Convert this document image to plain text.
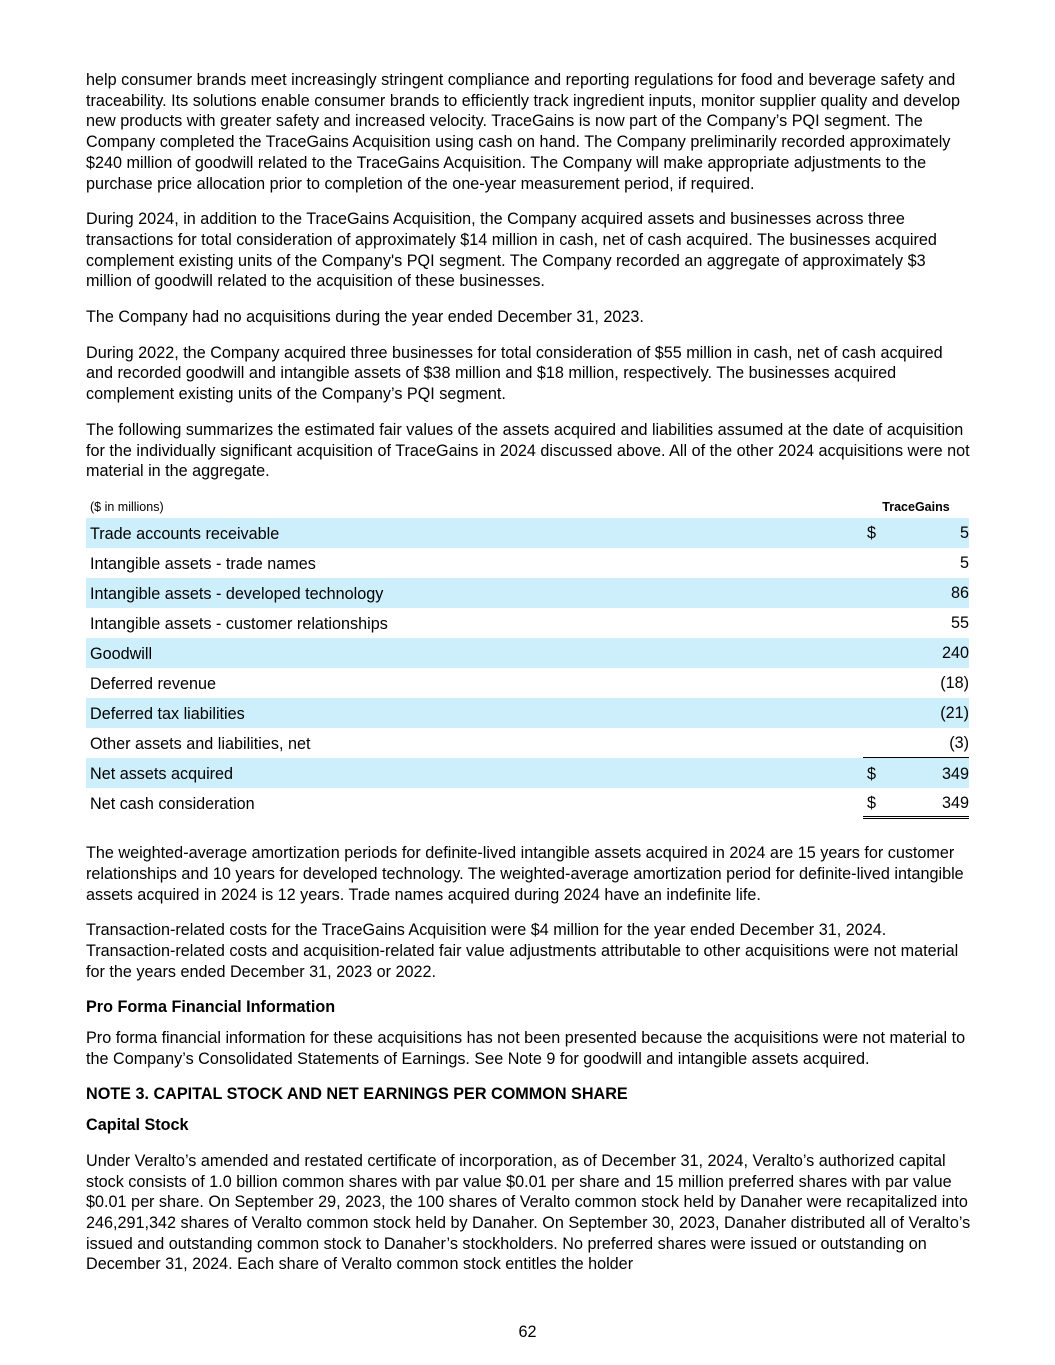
help consumer brands meet increasingly stringent compliance and reporting regulations for food and beverage safety and traceability. Its solutions enable consumer brands to efficiently track ingredient inputs, monitor supplier quality and develop new products with greater safety and increased velocity. TraceGains is now part of the Company’s PQI segment. The Company completed the TraceGains Acquisition using cash on hand. The Company preliminarily recorded approximately $240 million of goodwill related to the TraceGains Acquisition. The Company will make appropriate adjustments to the purchase price allocation prior to completion of the one-year measurement period, if required.

During 2024, in addition to the TraceGains Acquisition, the Company acquired assets and businesses across three transactions for total consideration of approximately $14 million in cash, net of cash acquired. The businesses acquired complement existing units of the Company's PQI segment. The Company recorded an aggregate of approximately $3 million of goodwill related to the acquisition of these businesses.

The Company had no acquisitions during the year ended December 31, 2023.

During 2022, the Company acquired three businesses for total consideration of $55 million in cash, net of cash acquired and recorded goodwill and intangible assets of $38 million and $18 million, respectively. The businesses acquired complement existing units of the Company’s PQI segment.

The following summarizes the estimated fair values of the assets acquired and liabilities assumed at the date of acquisition for the individually significant acquisition of TraceGains in 2024 discussed above. All of the other 2024 acquisitions were not material in the aggregate.

($ in millions)	TraceGains	
Trade accounts receivable	$	5
Intangible assets - trade names		5
Intangible assets - developed technology		86
Intangible assets - customer relationships		55
Goodwill		240
Deferred revenue		(18)
Deferred tax liabilities		(21)
Other assets and liabilities, net		(3)
Net assets acquired	$	349
Net cash consideration	$	349

The weighted-average amortization periods for definite-lived intangible assets acquired in 2024 are 15 years for customer relationships and 10 years for developed technology. The weighted-average amortization period for definite-lived intangible assets acquired in 2024 is 12 years. Trade names acquired during 2024 have an indefinite life.

Transaction-related costs for the TraceGains Acquisition were $4 million for the year ended December 31, 2024. Transaction-related costs and acquisition-related fair value adjustments attributable to other acquisitions were not material for the years ended December 31, 2023 or 2022.

Pro Forma Financial Information

Pro forma financial information for these acquisitions has not been presented because the acquisitions were not material to the Company’s Consolidated Statements of Earnings. See Note 9 for goodwill and intangible assets acquired.

NOTE 3. CAPITAL STOCK AND NET EARNINGS PER COMMON SHARE
Capital Stock

Under Veralto’s amended and restated certificate of incorporation, as of December 31, 2024, Veralto’s authorized capital stock consists of 1.0 billion common shares with par value $0.01 per share and 15 million preferred shares with par value $0.01 per share. On September 29, 2023, the 100 shares of Veralto common stock held by Danaher were recapitalized into 246,291,342 shares of Veralto common stock held by Danaher. On September 30, 2023, Danaher distributed all of Veralto’s issued and outstanding common stock to Danaher’s stockholders. No preferred shares were issued or outstanding on December 31, 2024. Each share of Veralto common stock entitles the holder

62
